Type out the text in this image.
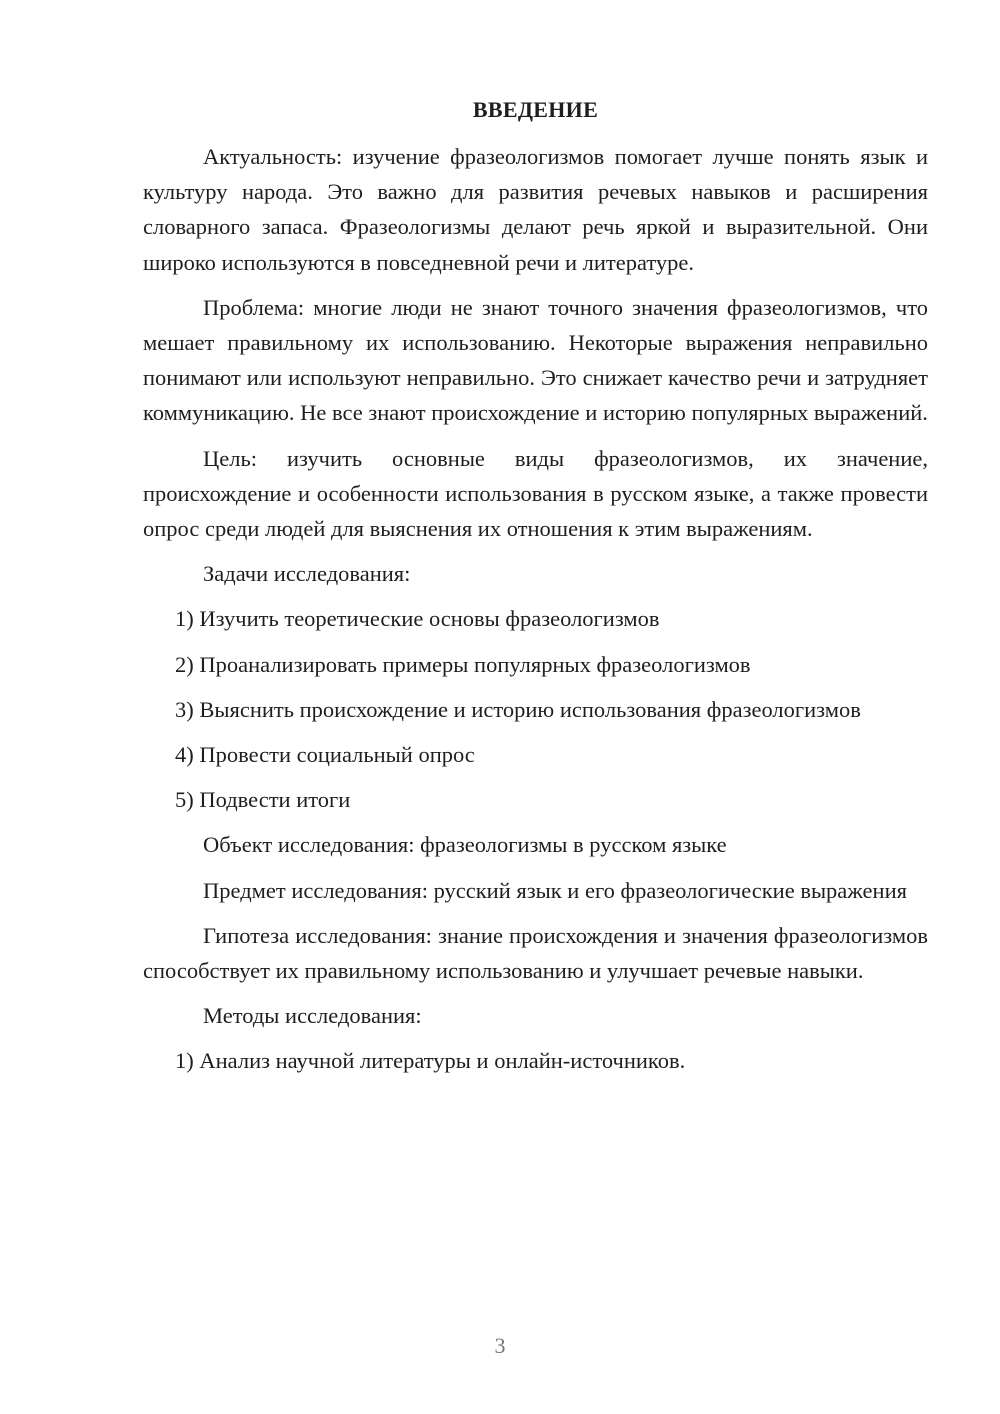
ВВЕДЕНИЕ

Актуальность: изучение фразеологизмов помогает лучше понять язык и культуру народа. Это важно для развития речевых навыков и расширения словарного запаса. Фразеологизмы делают речь яркой и выразительной. Они широко используются в повседневной речи и литературе.

Проблема: многие люди не знают точного значения фразеологизмов, что мешает правильному их использованию. Некоторые выражения неправильно понимают или используют неправильно. Это снижает качество речи и затрудняет коммуникацию. Не все знают происхождение и историю популярных выражений.

Цель: изучить основные виды фразеологизмов, их значение, происхождение и особенности использования в русском языке, а также провести опрос среди людей для выяснения их отношения к этим выражениям.

Задачи исследования:

1) Изучить теоретические основы фразеологизмов

2) Проанализировать примеры популярных фразеологизмов

3) Выяснить происхождение и историю использования фразеологизмов

4) Провести социальный опрос

5) Подвести итоги

Объект исследования: фразеологизмы в русском языке

Предмет исследования: русский язык и его фразеологические выражения

Гипотеза исследования: знание происхождения и значения фразеологизмов способствует их правильному использованию и улучшает речевые навыки.

Методы исследования:

1) Анализ научной литературы и онлайн-источников.

3
